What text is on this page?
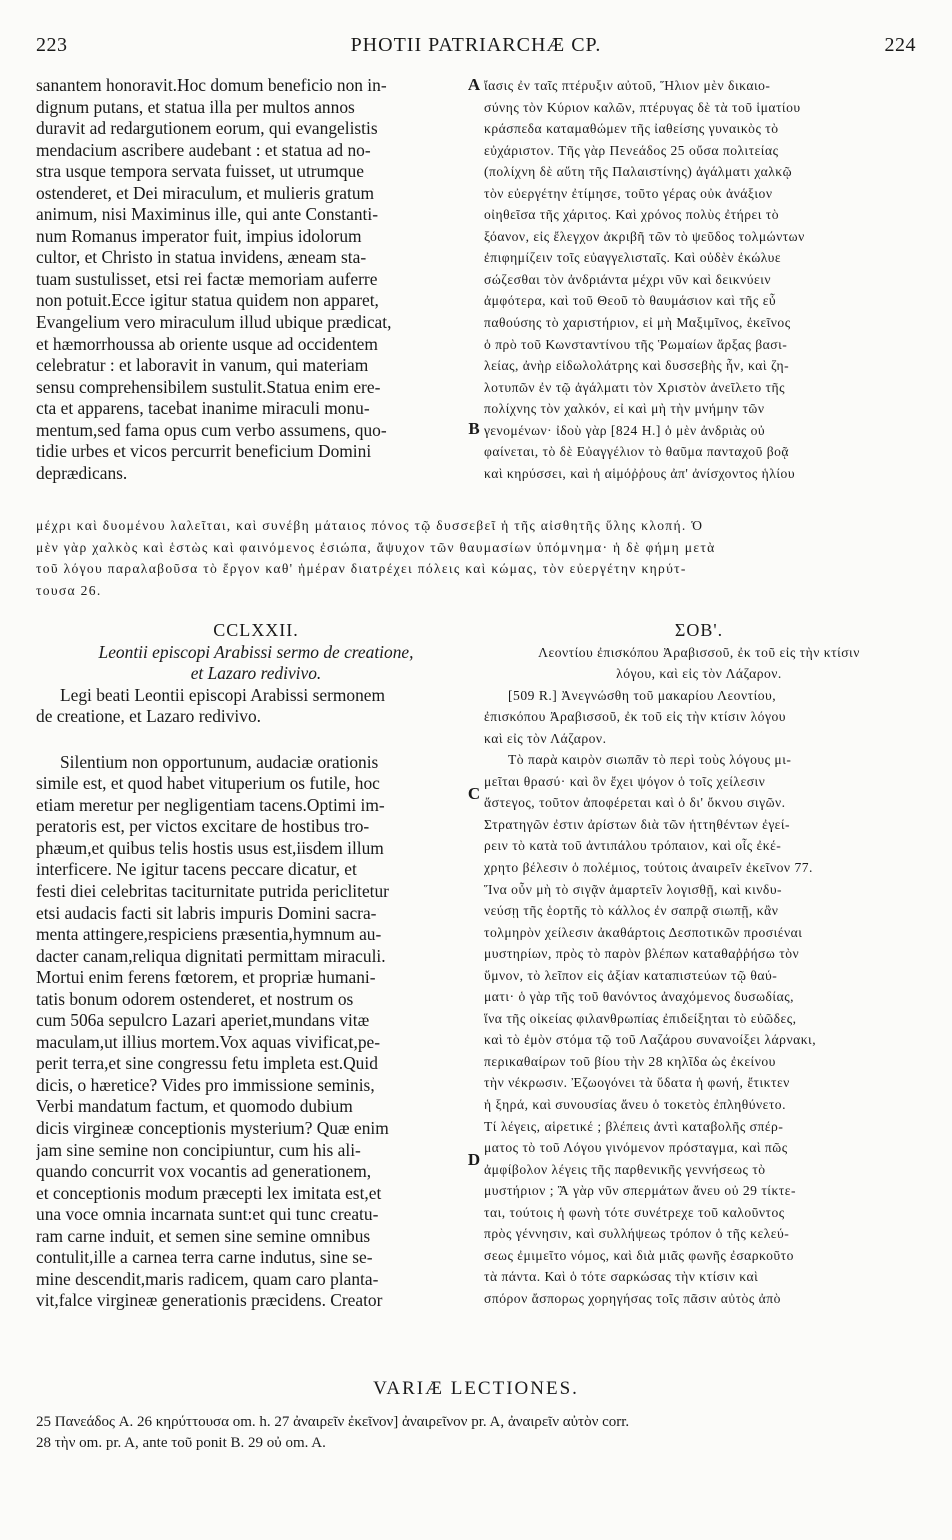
223	PHOTII PATRIARCHÆ CP.	224
A
B
C
D
sanantem honoravit.Hoc domum beneficio non in-
dignum putans, et statua illa per multos annos
duravit ad redargutionem eorum, qui evangelistis
mendacium ascribere audebant : et statua ad no-
stra usque tempora servata fuisset, ut utrumque
ostenderet, et Dei miraculum, et mulieris gratum
animum, nisi Maximinus ille, qui ante Constanti-
num Romanus imperator fuit, impius idolorum
cultor, et Christo in statua invidens, æneam sta-
tuam sustulisset, etsi rei factæ memoriam auferre
non potuit.Ecce igitur statua quidem non apparet,
Evangelium vero miraculum illud ubique prædicat,
et hæmorrhoussa ab oriente usque ad occidentem
celebratur : et laboravit in vanum, qui materiam
sensu comprehensibilem sustulit.Statua enim ere-
cta et apparens, tacebat inanime miraculi monu-
mentum,sed fama opus cum verbo assumens, quo-
tidie urbes et vicos percurrit beneficium Domini
deprædicans.
ἴασις ἐν ταῖς πτέρυξιν αὐτοῦ, Ἥλιον μὲν δικαιο-
σύνης τὸν Κύριον καλῶν, πτέρυγας δὲ τὰ τοῦ ἱματίου
κράσπεδα καταμαθώμεν τῆς ἰαθείσης γυναικὸς τὸ
εὐχάριστον. Τῆς γὰρ Πενεάδος 25 οὔσα πολιτείας
(πολίχνη δὲ αὕτη τῆς Παλαιστίνης) ἀγάλματι χαλκῷ
τὸν εὐεργέτην ἐτίμησε, τοῦτο γέρας οὐκ ἀνάξιον
οἰηθεῖσα τῆς χάριτος. Καὶ χρόνος πολὺς ἐτήρει τὸ
ξόανον, εἰς ἔλεγχον ἀκριβῆ τῶν τὸ ψεῦδος τολμώντων
ἐπιφημίζειν τοῖς εὐαγγελισταῖς. Καὶ οὐδὲν ἐκώλυε
σώζεσθαι τὸν ἀνδριάντα μέχρι νῦν καὶ δεικνύειν
ἀμφότερα, καὶ τοῦ Θεοῦ τὸ θαυμάσιον καὶ τῆς εὖ
παθούσης τὸ χαριστήριον, εἰ μὴ Μαξιμῖνος, ἐκεῖνος
ὁ πρὸ τοῦ Κωνσταντίνου τῆς Ῥωμαίων ἄρξας βασι-
λείας, ἀνὴρ εἰδωλολάτρης καὶ δυσσεβὴς ἦν, καὶ ζη-
λοτυπῶν ἐν τῷ ἀγάλματι τὸν Χριστὸν ἀνεῖλετο τῆς
πολίχνης τὸν χαλκόν, εἰ καὶ μὴ τὴν μνήμην τῶν
γενομένων· ἰδοὺ γὰρ [824 H.] ὁ μὲν ἀνδριὰς οὐ
φαίνεται, τὸ δὲ Εὐαγγέλιον τὸ θαῦμα πανταχοῦ βοᾷ
καὶ κηρύσσει, καὶ ἡ αἱμόῤῥους ἀπ' ἀνίσχοντος ἡλίου
μέχρι καὶ δυομένου λαλεῖται, καὶ συνέβη μάταιος πόνος τῷ δυσσεβεῖ ἡ τῆς αἰσθητῆς ὕλης κλοπή. Ὁ
μὲν γὰρ χαλκὸς καὶ ἑστὼς καὶ φαινόμενος ἐσιώπα, ἄψυχον τῶν θαυμασίων ὑπόμνημα· ἡ δὲ φήμη μετὰ
τοῦ λόγου παραλαβοῦσα τὸ ἔργον καθ' ἡμέραν διατρέχει πόλεις καὶ κώμας, τὸν εὐεργέτην κηρύτ-
τουσα 26.
CCLXXII.
Leontii episcopi Arabissi sermo de creatione,
et Lazaro redivivo.
Legi beati Leontii episcopi Arabissi sermonem
de creatione, et Lazaro redivivo.
Silentium non opportunum, audaciæ orationis
simile est, et quod habet vituperium os futile, hoc
etiam meretur per negligentiam tacens.Optimi im-
peratoris est, per victos excitare de hostibus tro-
phæum,et quibus telis hostis usus est,iisdem illum
interficere. Ne igitur tacens peccare dicatur, et
festi diei celebritas taciturnitate putrida periclitetur
etsi audacis facti sit labris impuris Domini sacra-
menta attingere,respiciens præsentia,hymnum au-
dacter canam,reliqua dignitati permittam miraculi.
Mortui enim ferens fœtorem, et propriæ humani-
tatis bonum odorem ostenderet, et nostrum os
cum 506a sepulcro Lazari aperiet,mundans vitæ
maculam,ut illius mortem.Vox aquas vivificat,pe-
perit terra,et sine congressu fetu impleta est.Quid
dicis, o hæretice? Vides pro immissione seminis,
Verbi mandatum factum, et quomodo dubium
dicis virgineæ conceptionis mysterium? Quæ enim
jam sine semine non concipiuntur, cum his ali-
quando concurrit vox vocantis ad generationem,
et conceptionis modum præcepti lex imitata est,et
una voce omnia incarnata sunt:et qui tunc creatu-
ram carne induit, et semen sine semine omnibus
contulit,ille a carnea terra carne indutus, sine se-
mine descendit,maris radicem, quam caro planta-
vit,falce virgineæ generationis præcidens. Creator
ΣΟΒ'.
Λεοντίου ἐπισκόπου Ἀραβισσοῦ, ἐκ τοῦ εἰς τὴν κτίσιν
λόγου, καὶ εἰς τὸν Λάζαρον.
[509 R.] Ἀνεγνώσθη τοῦ μακαρίου Λεοντίου,
ἐπισκόπου Ἀραβισσοῦ, ἐκ τοῦ εἰς τὴν κτίσιν λόγου
καὶ εἰς τὸν Λάζαρον.
Τὸ παρὰ καιρὸν σιωπᾶν τὸ περὶ τοὺς λόγους μι-
μεῖται θρασύ· καὶ ὃν ἔχει ψόγον ὁ τοῖς χείλεσιν
ἄστεγος, τοῦτον ἀποφέρεται καὶ ὁ δι' ὄκνου σιγῶν.
Στρατηγῶν ἐστιν ἀρίστων διὰ τῶν ἡττηθέντων ἐγεί-
ρειν τὸ κατὰ τοῦ ἀντιπάλου τρόπαιον, καὶ οἷς ἐκέ-
χρητο βέλεσιν ὁ πολέμιος, τούτοις ἀναιρεῖν ἐκεῖνον 77.
Ἵνα οὖν μὴ τὸ σιγᾷν ἁμαρτεῖν λογισθῇ, καὶ κινδυ-
νεύσῃ τῆς ἑορτῆς τὸ κάλλος ἐν σαπρᾷ σιωπῇ, κἂν
τολμηρὸν χείλεσιν ἀκαθάρτοις Δεσποτικῶν προσιέναι
μυστηρίων, πρὸς τὸ παρὸν βλέπων καταθαῤῥήσω τὸν
ὕμνον, τὸ λεῖπον εἰς ἀξίαν καταπιστεύων τῷ θαύ-
ματι· ὁ γὰρ τῆς τοῦ θανόντος ἀναχόμενος δυσωδίας,
ἵνα τῆς οἰκείας φιλανθρωπίας ἐπιδείξηται τὸ εὐῶδες,
καὶ τὸ ἐμὸν στόμα τῷ τοῦ Λαζάρου συνανοίξει λάρνακι,
περικαθαίρων τοῦ βίου τὴν 28 κηλῖδα ὡς ἐκείνου
τὴν νέκρωσιν. Ἐζωογόνει τὰ ὕδατα ἡ φωνή, ἔτικτεν
ἡ ξηρά, καὶ συνουσίας ἄνευ ὁ τοκετὸς ἐπληθύνετο.
Τί λέγεις, αἱρετικέ ; βλέπεις ἀντὶ καταβολῆς σπέρ-
ματος τὸ τοῦ Λόγου γινόμενον πρόσταγμα, καὶ πῶς
ἀμφίβολον λέγεις τῆς παρθενικῆς γεννήσεως τὸ
μυστήριον ; Ἃ γὰρ νῦν σπερμάτων ἄνευ οὐ 29 τίκτε-
ται, τούτοις ἡ φωνὴ τότε συνέτρεχε τοῦ καλοῦντος
πρὸς γέννησιν, καὶ συλλήψεως τρόπον ὁ τῆς κελεύ-
σεως ἐμιμεῖτο νόμος, καὶ διὰ μιᾶς φωνῆς ἐσαρκοῦτο
τὰ πάντα. Καὶ ὁ τότε σαρκώσας τὴν κτίσιν καὶ
σπόρον ἄσπορως χορηγήσας τοῖς πᾶσιν αὐτὸς ἀπὸ
VARIÆ LECTIONES.
25 Πανεάδος A. 26 κηρύττουσα om. h. 27 ἀναιρεῖν ἐκεῖνον] ἀναιρεῖνον pr. A, ἀναιρεῖν αὐτὸν corr.
28 τὴν om. pr. A, ante τοῦ ponit B. 29 οὐ om. A.
